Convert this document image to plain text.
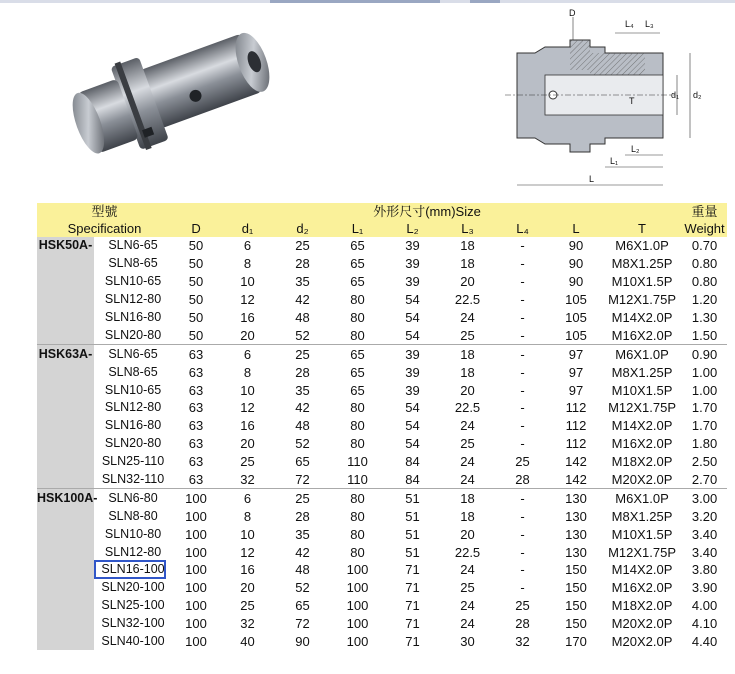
D
L₄ L₃
d₁ d₂
T
L₂
L₁
L
型號		外形尺寸(mm)Size									重量
Specification		D	d₁	d₂	L₁	L₂	L₃	L₄	L	T	Weight
HSK50A-	SLN6-65	50	6	25	65	39	18	-	90	M6X1.0P	0.70
	SLN8-65	50	8	28	65	39	18	-	90	M8X1.25P	0.80
	SLN10-65	50	10	35	65	39	20	-	90	M10X1.5P	0.80
	SLN12-80	50	12	42	80	54	22.5	-	105	M12X1.75P	1.20
	SLN16-80	50	16	48	80	54	24	-	105	M14X2.0P	1.30
	SLN20-80	50	20	52	80	54	25	-	105	M16X2.0P	1.50
HSK63A-	SLN6-65	63	6	25	65	39	18	-	97	M6X1.0P	0.90
	SLN8-65	63	8	28	65	39	18	-	97	M8X1.25P	1.00
	SLN10-65	63	10	35	65	39	20	-	97	M10X1.5P	1.00
	SLN12-80	63	12	42	80	54	22.5	-	112	M12X1.75P	1.70
	SLN16-80	63	16	48	80	54	24	-	112	M14X2.0P	1.70
	SLN20-80	63	20	52	80	54	25	-	112	M16X2.0P	1.80
	SLN25-110	63	25	65	110	84	24	25	142	M18X2.0P	2.50
	SLN32-110	63	32	72	110	84	24	28	142	M20X2.0P	2.70
HSK100A-	SLN6-80	100	6	25	80	51	18	-	130	M6X1.0P	3.00
	SLN8-80	100	8	28	80	51	18	-	130	M8X1.25P	3.20
	SLN10-80	100	10	35	80	51	20	-	130	M10X1.5P	3.40
	SLN12-80	100	12	42	80	51	22.5	-	130	M12X1.75P	3.40
	SLN16-100	100	16	48	100	71	24	-	150	M14X2.0P	3.80
	SLN20-100	100	20	52	100	71	25	-	150	M16X2.0P	3.90
	SLN25-100	100	25	65	100	71	24	25	150	M18X2.0P	4.00
	SLN32-100	100	32	72	100	71	24	28	150	M20X2.0P	4.10
	SLN40-100	100	40	90	100	71	30	32	170	M20X2.0P	4.40
